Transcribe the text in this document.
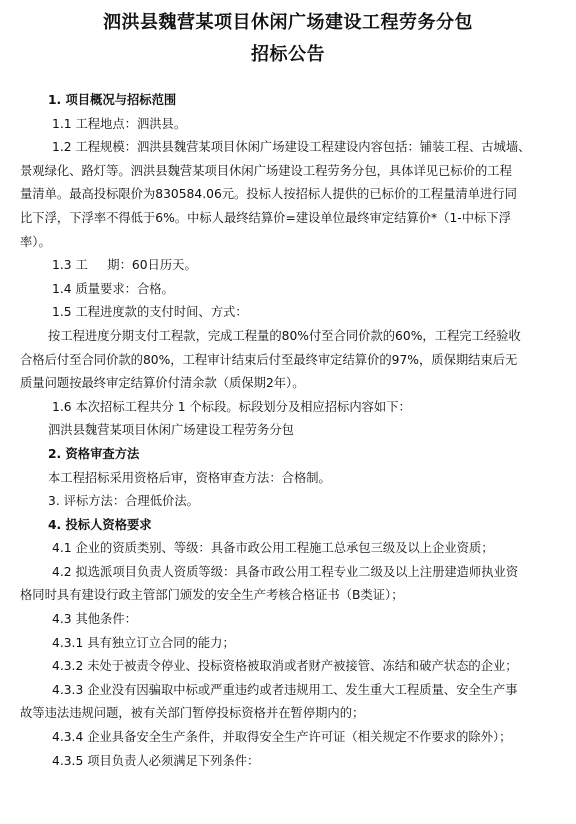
泗洪县魏营某项目休闲广场建设工程劳务分包
招标公告
1. 项目概况与招标范围
1.1 工程地点：泗洪县。
1.2 工程规模：泗洪县魏营某项目休闲广场建设工程建设内容包括：铺装工程、古城墙、
景观绿化、路灯等。泗洪县魏营某项目休闲广场建设工程劳务分包，具体详见已标价的工程
量清单。最高投标限价为830584.06元。投标人按招标人提供的已标价的工程量清单进行同
比下浮，下浮率不得低于6%。中标人最终结算价=建设单位最终审定结算价*（1-中标下浮
率）。
1.3 工     期：60日历天。
1.4 质量要求：合格。
1.5 工程进度款的支付时间、方式：
按工程进度分期支付工程款，完成工程量的80%付至合同价款的60%，工程完工经验收
合格后付至合同价款的80%，工程审计结束后付至最终审定结算价的97%，质保期结束后无
质量问题按最终审定结算价付清余款（质保期2年）。
1.6 本次招标工程共分 1 个标段。标段划分及相应招标内容如下：
泗洪县魏营某项目休闲广场建设工程劳务分包
2. 资格审查方法
本工程招标采用资格后审，资格审查方法：合格制。
3. 评标方法：合理低价法。
4. 投标人资格要求
4.1 企业的资质类别、等级：具备市政公用工程施工总承包三级及以上企业资质；
4.2 拟选派项目负责人资质等级：具备市政公用工程专业二级及以上注册建造师执业资
格同时具有建设行政主管部门颁发的安全生产考核合格证书（B类证）；
4.3 其他条件：
4.3.1 具有独立订立合同的能力；
4.3.2 未处于被责令停业、投标资格被取消或者财产被接管、冻结和破产状态的企业；
4.3.3 企业没有因骗取中标或严重违约或者违规用工、发生重大工程质量、安全生产事
故等违法违规问题，被有关部门暂停投标资格并在暂停期内的；
4.3.4 企业具备安全生产条件，并取得安全生产许可证（相关规定不作要求的除外）；
4.3.5 项目负责人必须满足下列条件：
